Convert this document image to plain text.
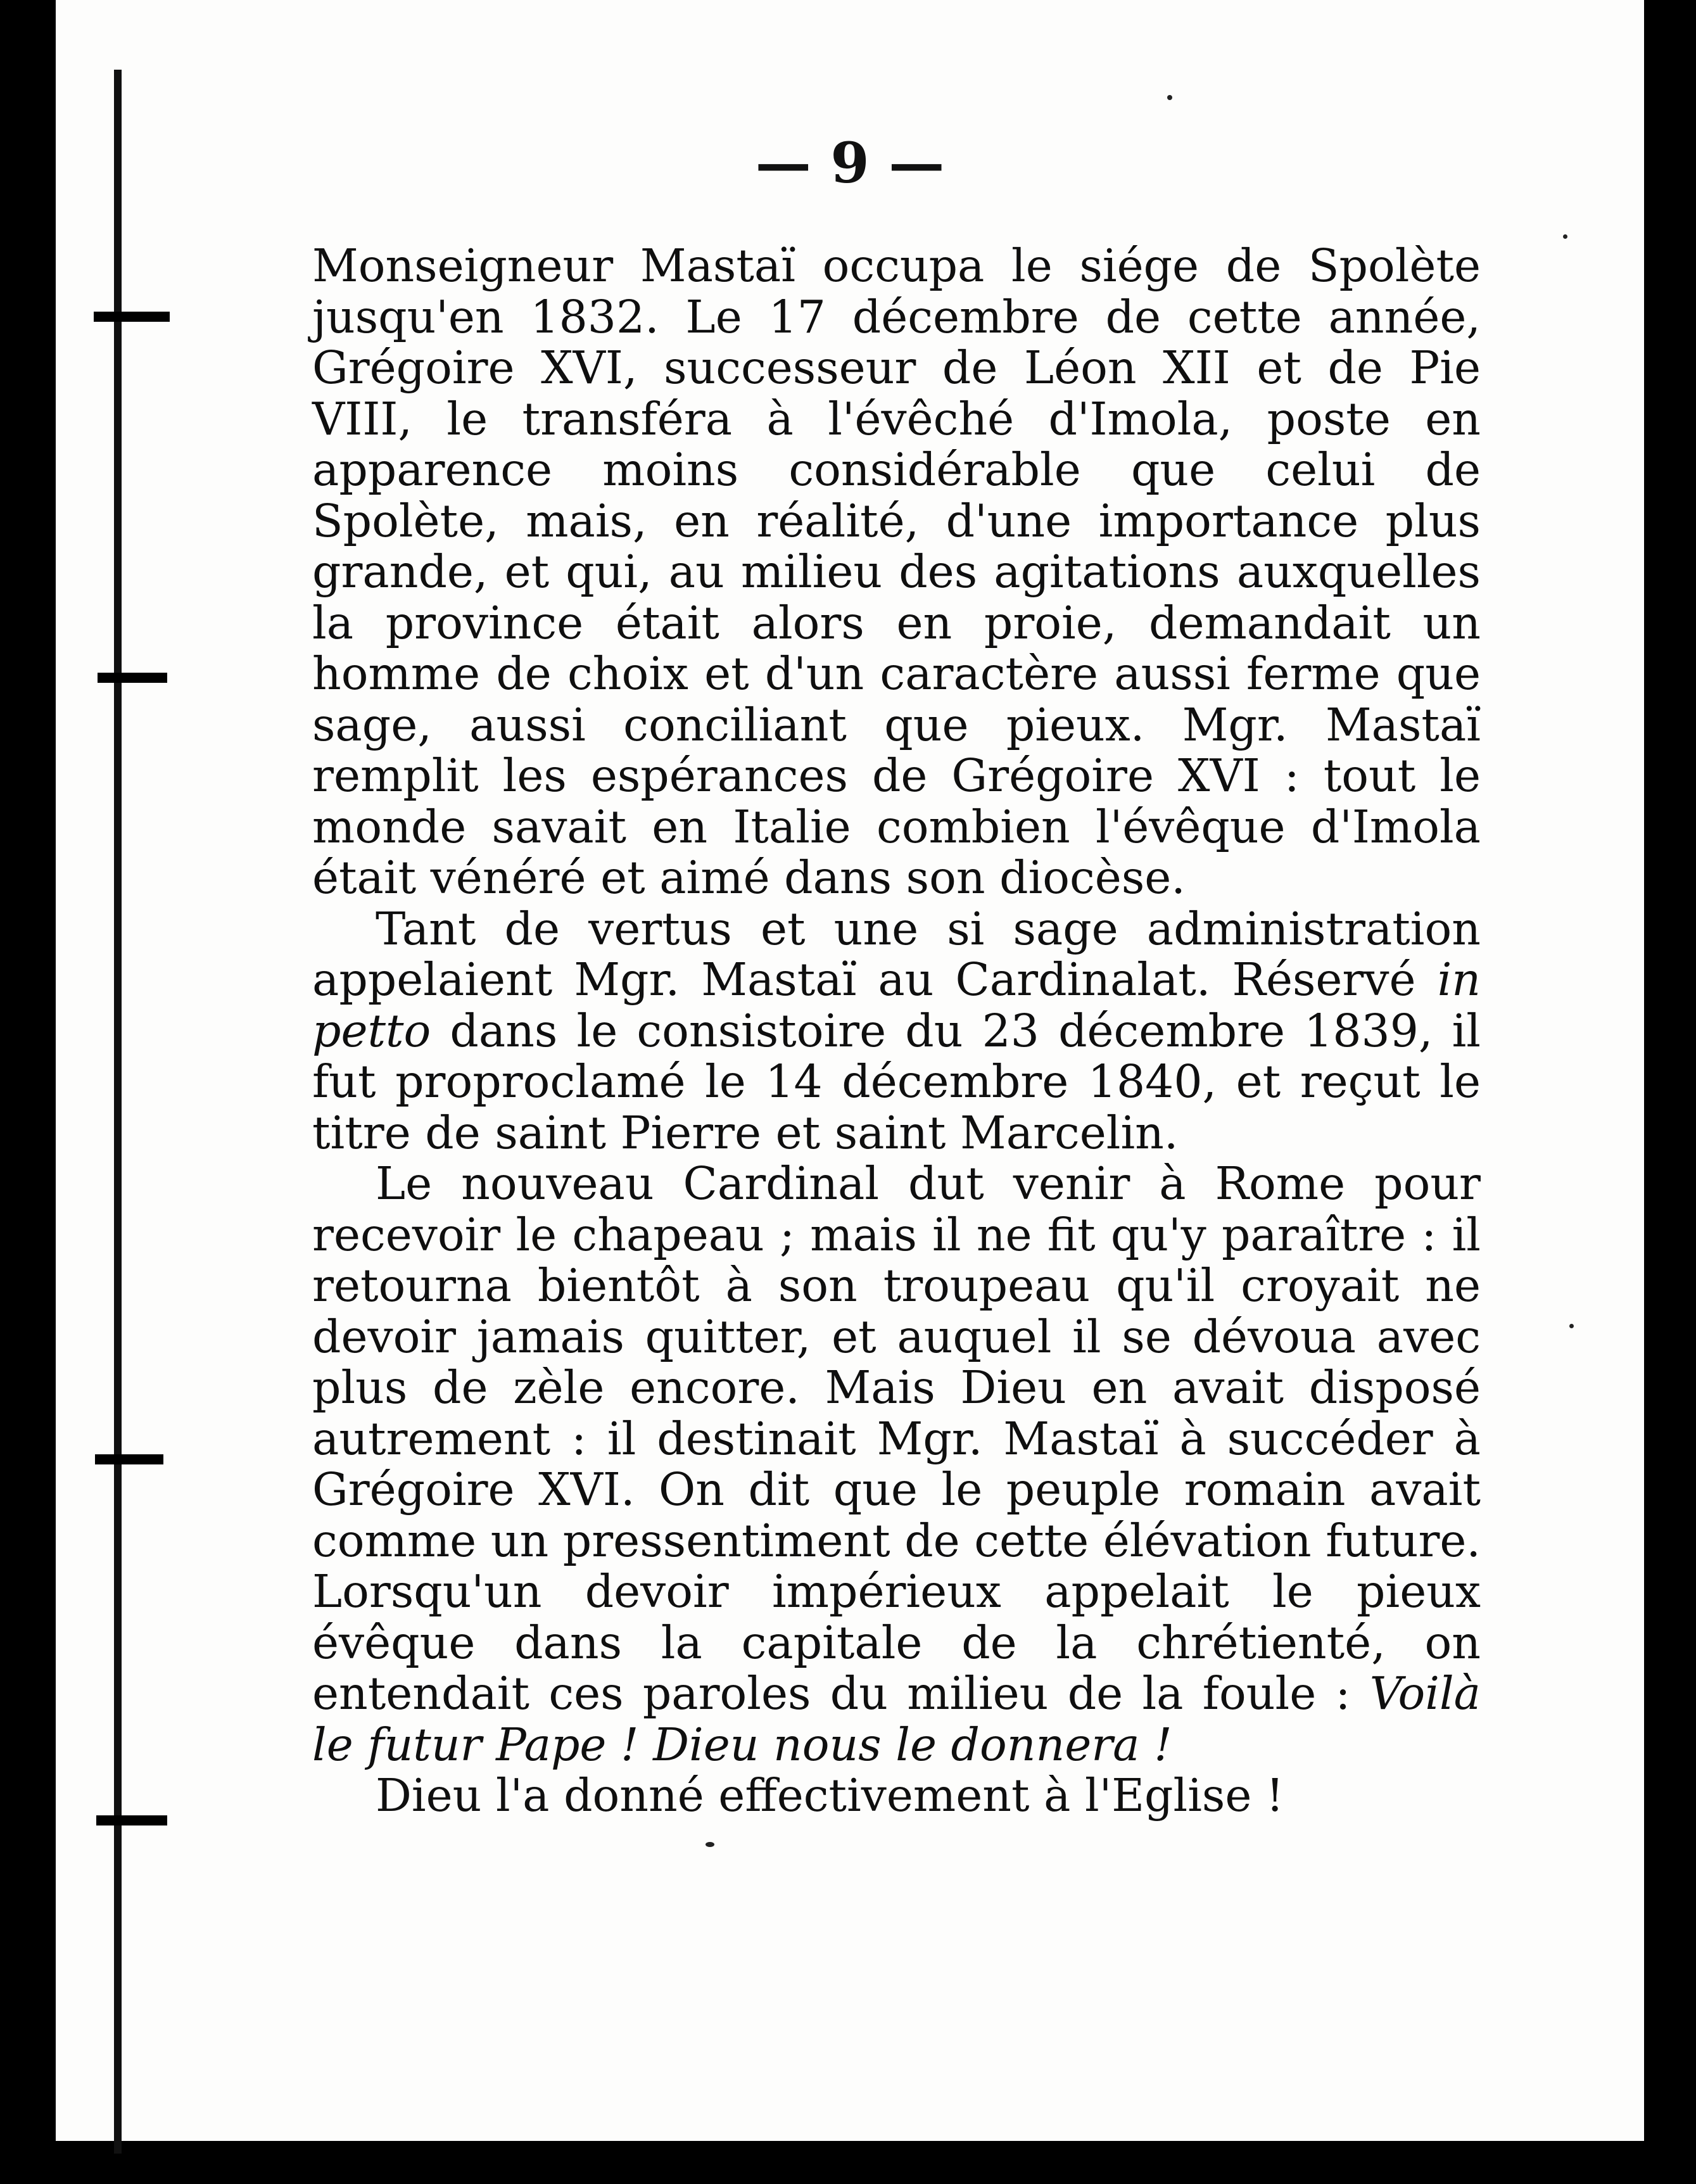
— 9 —

Monseigneur Mastaï occupa le siége de Spolète jusqu'en 1832. Le 17 décembre de cette année, Grégoire XVI, successeur de Léon XII et de Pie VIII, le transféra à l'évêché d'Imola, poste en apparence moins considérable que celui de Spolète, mais, en réalité, d'une importance plus grande, et qui, au milieu des agitations auxquelles la province était alors en proie, demandait un homme de choix et d'un caractère aussi ferme que sage, aussi conciliant que pieux. Mgr. Mastaï remplit les espérances de Grégoire XVI : tout le monde savait en Italie combien l'évêque d'Imola était vénéré et aimé dans son diocèse.

Tant de vertus et une si sage administration appelaient Mgr. Mastaï au Cardinalat. Réservé in petto dans le consistoire du 23 décembre 1839, il fut proproclamé le 14 décembre 1840, et reçut le titre de saint Pierre et saint Marcelin.

Le nouveau Cardinal dut venir à Rome pour recevoir le chapeau ; mais il ne fit qu'y paraître : il retourna bientôt à son troupeau qu'il croyait ne devoir jamais quitter, et auquel il se dévoua avec plus de zèle encore. Mais Dieu en avait disposé autrement : il destinait Mgr. Mastaï à succéder à Grégoire XVI. On dit que le peuple romain avait comme un pressentiment de cette élévation future. Lorsqu'un devoir impérieux appelait le pieux évêque dans la capitale de la chrétienté, on entendait ces paroles du milieu de la foule : Voilà le futur Pape ! Dieu nous le donnera !

Dieu l'a donné effectivement à l'Eglise !
